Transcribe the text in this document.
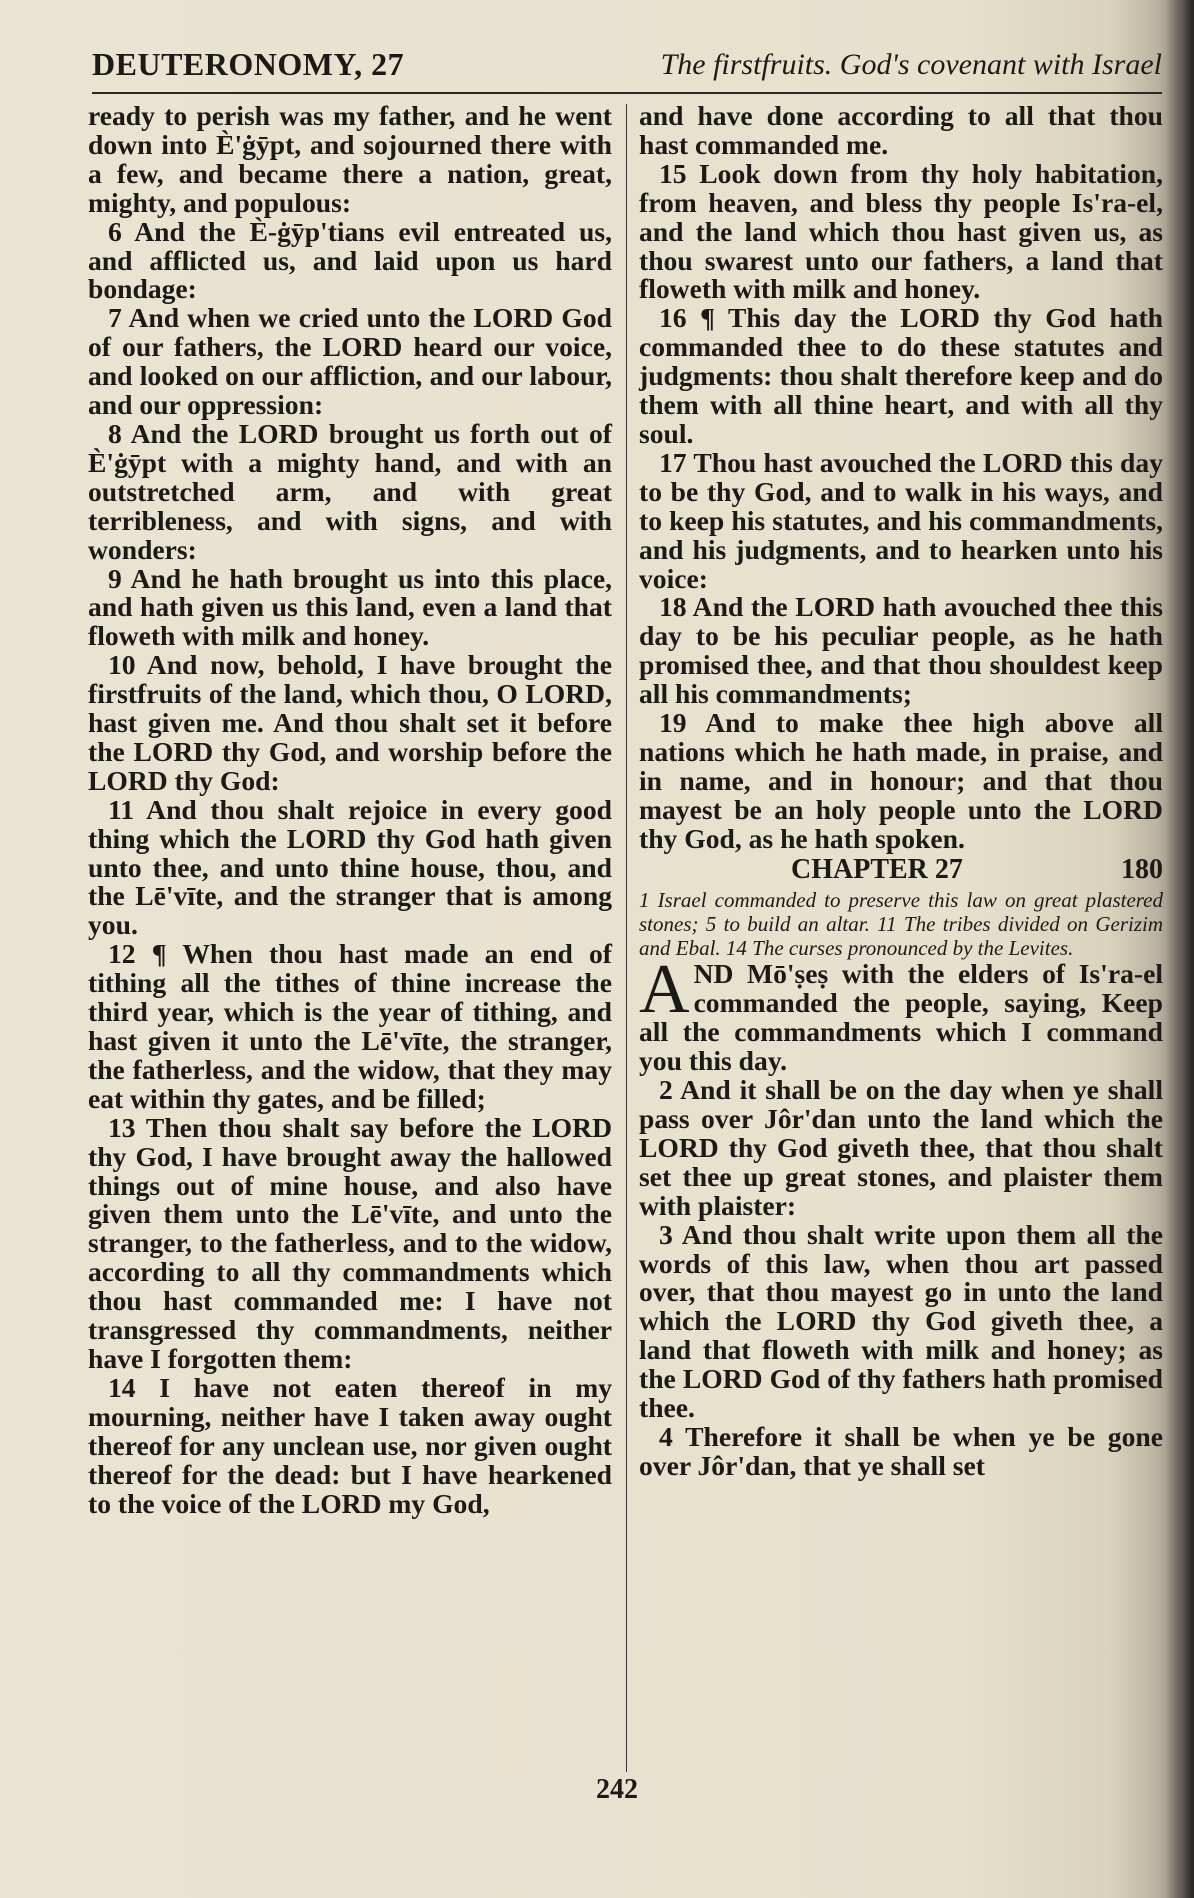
DEUTERONOMY, 27	The firstfruits. God's covenant with Israel

ready to perish was my father, and he went down into È'ġȳpt, and sojourned there with a few, and became there a nation, great, mighty, and populous:

6 And the È-ġȳp'tians evil entreated us, and afflicted us, and laid upon us hard bondage:

7 And when we cried unto the LORD God of our fathers, the LORD heard our voice, and looked on our affliction, and our labour, and our oppression:

8 And the LORD brought us forth out of È'ġȳpt with a mighty hand, and with an outstretched arm, and with great terribleness, and with signs, and with wonders:

9 And he hath brought us into this place, and hath given us this land, even a land that floweth with milk and honey.

10 And now, behold, I have brought the firstfruits of the land, which thou, O LORD, hast given me. And thou shalt set it before the LORD thy God, and worship before the LORD thy God:

11 And thou shalt rejoice in every good thing which the LORD thy God hath given unto thee, and unto thine house, thou, and the Lē'vīte, and the stranger that is among you.

12 ¶ When thou hast made an end of tithing all the tithes of thine increase the third year, which is the year of tithing, and hast given it unto the Lē'vīte, the stranger, the fatherless, and the widow, that they may eat within thy gates, and be filled;

13 Then thou shalt say before the LORD thy God, I have brought away the hallowed things out of mine house, and also have given them unto the Lē'vīte, and unto the stranger, to the fatherless, and to the widow, according to all thy commandments which thou hast commanded me: I have not transgressed thy commandments, neither have I forgotten them:

14 I have not eaten thereof in my mourning, neither have I taken away ought thereof for any unclean use, nor given ought thereof for the dead: but I have hearkened to the voice of the LORD my God,

and have done according to all that thou hast commanded me.

15 Look down from thy holy habitation, from heaven, and bless thy people Is'ra-el, and the land which thou hast given us, as thou swarest unto our fathers, a land that floweth with milk and honey.

16 ¶ This day the LORD thy God hath commanded thee to do these statutes and judgments: thou shalt therefore keep and do them with all thine heart, and with all thy soul.

17 Thou hast avouched the LORD this day to be thy God, and to walk in his ways, and to keep his statutes, and his commandments, and his judgments, and to hearken unto his voice:

18 And the LORD hath avouched thee this day to be his peculiar people, as he hath promised thee, and that thou shouldest keep all his commandments;

19 And to make thee high above all nations which he hath made, in praise, and in name, and in honour; and that thou mayest be an holy people unto the LORD thy God, as he hath spoken.

CHAPTER 27	180

1 Israel commanded to preserve this law on great plastered stones; 5 to build an altar. 11 The tribes divided on Gerizim and Ebal. 14 The curses pronounced by the Levites.

AND Mō'ṣeṣ with the elders of Is'ra-el commanded the people, saying, Keep all the commandments which I command you this day.

2 And it shall be on the day when ye shall pass over Jôr'dan unto the land which the LORD thy God giveth thee, that thou shalt set thee up great stones, and plaister them with plaister:

3 And thou shalt write upon them all the words of this law, when thou art passed over, that thou mayest go in unto the land which the LORD thy God giveth thee, a land that floweth with milk and honey; as the LORD God of thy fathers hath promised thee.

4 Therefore it shall be when ye be gone over Jôr'dan, that ye shall set

242
